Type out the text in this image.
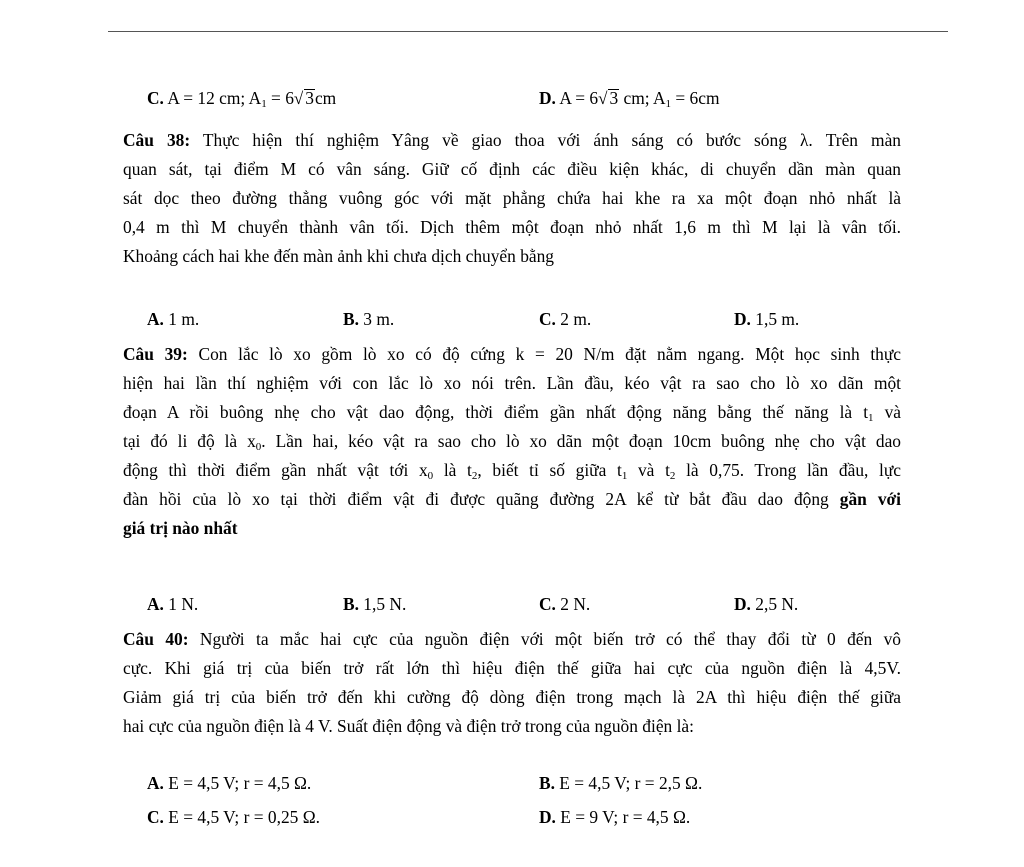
C. A = 12 cm; $A_1 = 6√$ 3cm	D. A = 6√ 3 cm; $A_1 = 6cm$
Câu 38: Thực hiện thí nghiệm Yâng về giao thoa với ánh sáng có bước sóng λ. Trên màn
quan sát, tại điểm M có vân sáng. Giữ cố định các điều kiện khác, di chuyển dần màn quan
sát dọc theo đường thẳng vuông góc với mặt phẳng chứa hai khe ra xa một đoạn nhỏ nhất là
0,4 m thì M chuyển thành vân tối. Dịch thêm một đoạn nhỏ nhất 1,6 m thì M lại là vân tối.
Khoảng cách hai khe đến màn ảnh khi chưa dịch chuyển bằng
A. 1 m.	B. 3 m.	C. 2 m.	D. 1,5 m.
Câu 39: Con lắc lò xo gồm lò xo có độ cứng k = 20 N/m đặt nằm ngang. Một học sinh thực
hiện hai lần thí nghiệm với con lắc lò xo nói trên. Lần đầu, kéo vật ra sao cho lò xo dãn một
đoạn A rồi buông nhẹ cho vật dao động, thời điểm gần nhất động năng bằng thế năng là $t_1$ và
tại đó li độ là $x_0$. Lần hai, kéo vật ra sao cho lò xo dãn một đoạn 10cm buông nhẹ cho vật dao
động thì thời điểm gần nhất vật tới $x_0$ là $t_2$, biết tỉ số giữa $t_1$ và $t_2$ là 0,75. Trong lần đầu, lực
đàn hồi của lò xo tại thời điểm vật đi được quãng đường 2A kể từ bắt đầu dao động gần với
giá trị nào nhất
A. 1 N.	B. 1,5 N.	C. 2 N.	D. 2,5 N.
Câu 40: Người ta mắc hai cực của nguồn điện với một biến trở có thể thay đổi từ 0 đến vô
cực. Khi giá trị của biến trở rất lớn thì hiệu điện thế giữa hai cực của nguồn điện là 4,5V.
Giảm giá trị của biến trở đến khi cường độ dòng điện trong mạch là 2A thì hiệu điện thế giữa
hai cực của nguồn điện là 4 V. Suất điện động và điện trở trong của nguồn điện là:
A. E = 4,5 V; r = 4,5 Ω.	B. E = 4,5 V; r = 2,5 Ω.
C. E = 4,5 V; r = 0,25 Ω.	D. E = 9 V; r = 4,5 Ω.
